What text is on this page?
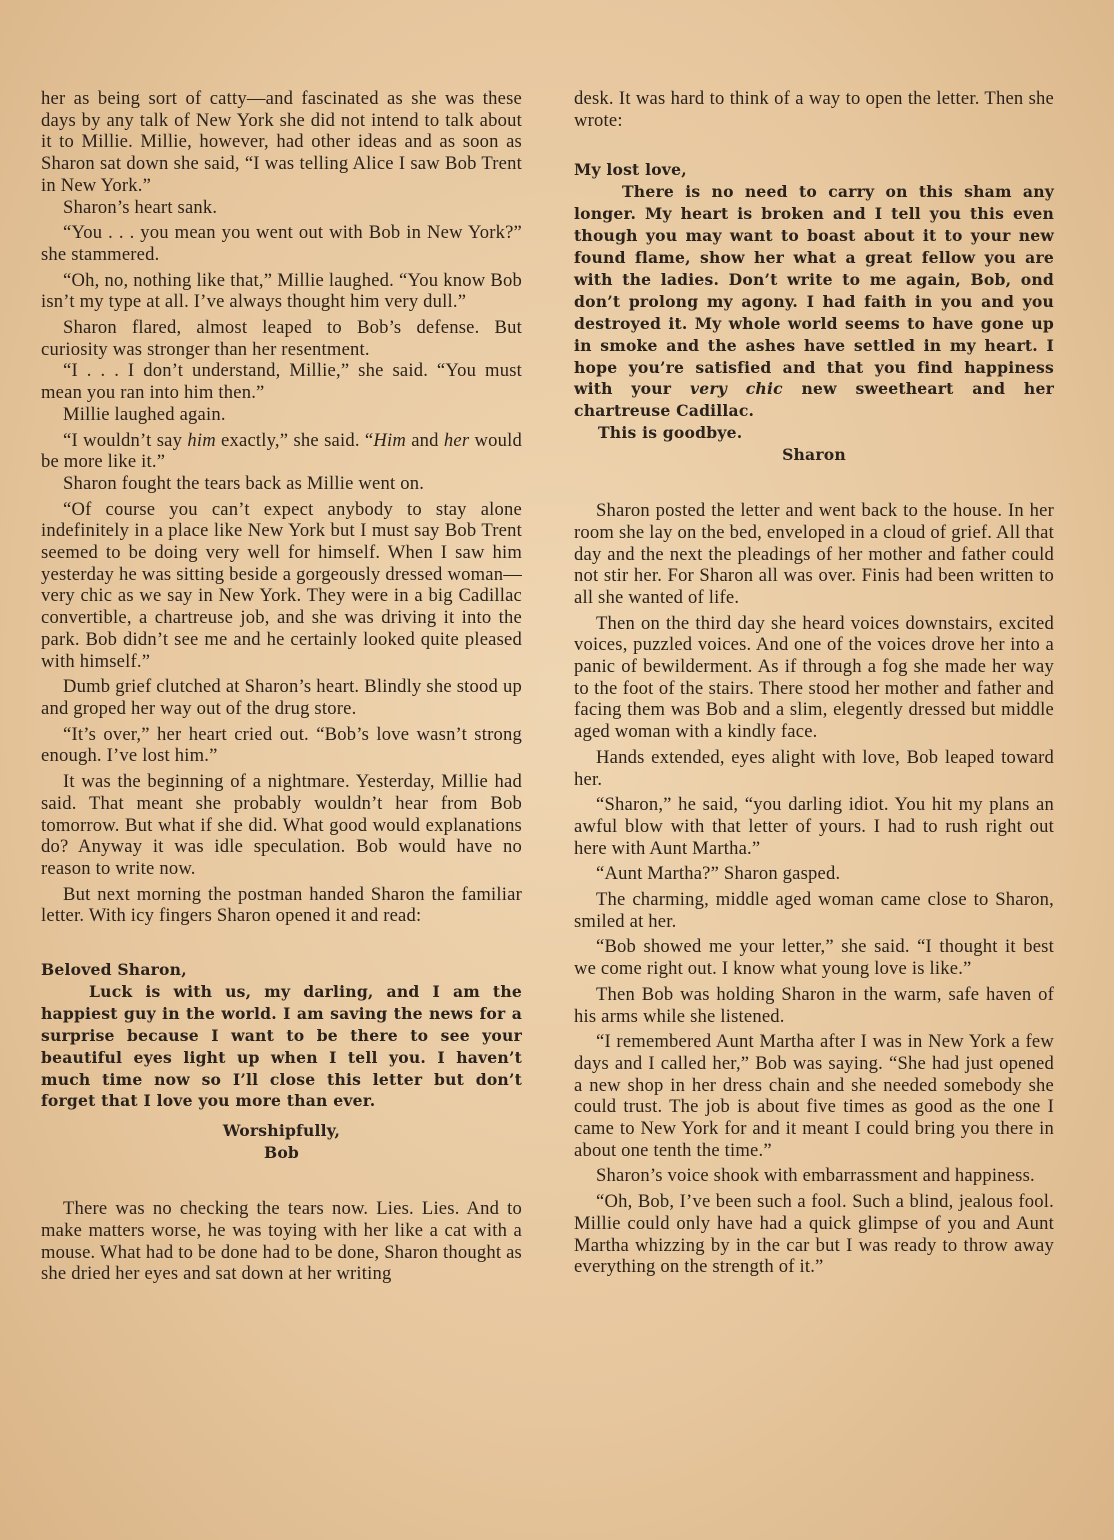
her as being sort of catty—and fascinated as she was these days by any talk of New York she did not intend to talk about it to Millie. Millie, however, had other ideas and as soon as Sharon sat down she said, “I was telling Alice I saw Bob Trent in New York.”

Sharon’s heart sank.

“You . . . you mean you went out with Bob in New York?” she stammered.

“Oh, no, nothing like that,” Millie laughed. “You know Bob isn’t my type at all. I’ve always thought him very dull.”

Sharon flared, almost leaped to Bob’s defense. But curiosity was stronger than her resentment.

“I . . . I don’t understand, Millie,” she said. “You must mean you ran into him then.”

Millie laughed again.

“I wouldn’t say him exactly,” she said. “Him and her would be more like it.”

Sharon fought the tears back as Millie went on.

“Of course you can’t expect anybody to stay alone indefinitely in a place like New York but I must say Bob Trent seemed to be doing very well for himself. When I saw him yesterday he was sitting beside a gorgeously dressed woman—very chic as we say in New York. They were in a big Cadillac convertible, a chartreuse job, and she was driving it into the park. Bob didn’t see me and he certainly looked quite pleased with himself.”

Dumb grief clutched at Sharon’s heart. Blindly she stood up and groped her way out of the drug store.

“It’s over,” her heart cried out. “Bob’s love wasn’t strong enough. I’ve lost him.”

It was the beginning of a nightmare. Yesterday, Millie had said. That meant she probably wouldn’t hear from Bob tomorrow. But what if she did. What good would explanations do? Anyway it was idle speculation. Bob would have no reason to write now.

But next morning the postman handed Sharon the familiar letter. With icy fingers Sharon opened it and read:

Beloved Sharon,

Luck is with us, my darling, and I am the happiest guy in the world. I am saving the news for a surprise because I want to be there to see your beautiful eyes light up when I tell you. I haven’t much time now so I’ll close this letter but don’t forget that I love you more than ever.

Worshipfully,

Bob

There was no checking the tears now. Lies. Lies. And to make matters worse, he was toying with her like a cat with a mouse. What had to be done had to be done, Sharon thought as she dried her eyes and sat down at her writing

desk. It was hard to think of a way to open the letter. Then she wrote:

My lost love,

There is no need to carry on this sham any longer. My heart is broken and I tell you this even though you may want to boast about it to your new found flame, show her what a great fellow you are with the ladies. Don’t write to me again, Bob, ond don’t prolong my agony. I had faith in you and you destroyed it. My whole world seems to have gone up in smoke and the ashes have settled in my heart. I hope you’re satisfied and that you find happiness with your very chic new sweetheart and her chartreuse Cadillac.

This is goodbye.

Sharon

Sharon posted the letter and went back to the house. In her room she lay on the bed, enveloped in a cloud of grief. All that day and the next the pleadings of her mother and father could not stir her. For Sharon all was over. Finis had been written to all she wanted of life.

Then on the third day she heard voices downstairs, excited voices, puzzled voices. And one of the voices drove her into a panic of bewilderment. As if through a fog she made her way to the foot of the stairs. There stood her mother and father and facing them was Bob and a slim, elegently dressed but middle aged woman with a kindly face.

Hands extended, eyes alight with love, Bob leaped toward her.

“Sharon,” he said, “you darling idiot. You hit my plans an awful blow with that letter of yours. I had to rush right out here with Aunt Martha.”

“Aunt Martha?” Sharon gasped.

The charming, middle aged woman came close to Sharon, smiled at her.

“Bob showed me your letter,” she said. “I thought it best we come right out. I know what young love is like.”

Then Bob was holding Sharon in the warm, safe haven of his arms while she listened.

“I remembered Aunt Martha after I was in New York a few days and I called her,” Bob was saying. “She had just opened a new shop in her dress chain and she needed somebody she could trust. The job is about five times as good as the one I came to New York for and it meant I could bring you there in about one tenth the time.”

Sharon’s voice shook with embarrassment and happiness.

“Oh, Bob, I’ve been such a fool. Such a blind, jealous fool. Millie could only have had a quick glimpse of you and Aunt Martha whizzing by in the car but I was ready to throw away everything on the strength of it.”
